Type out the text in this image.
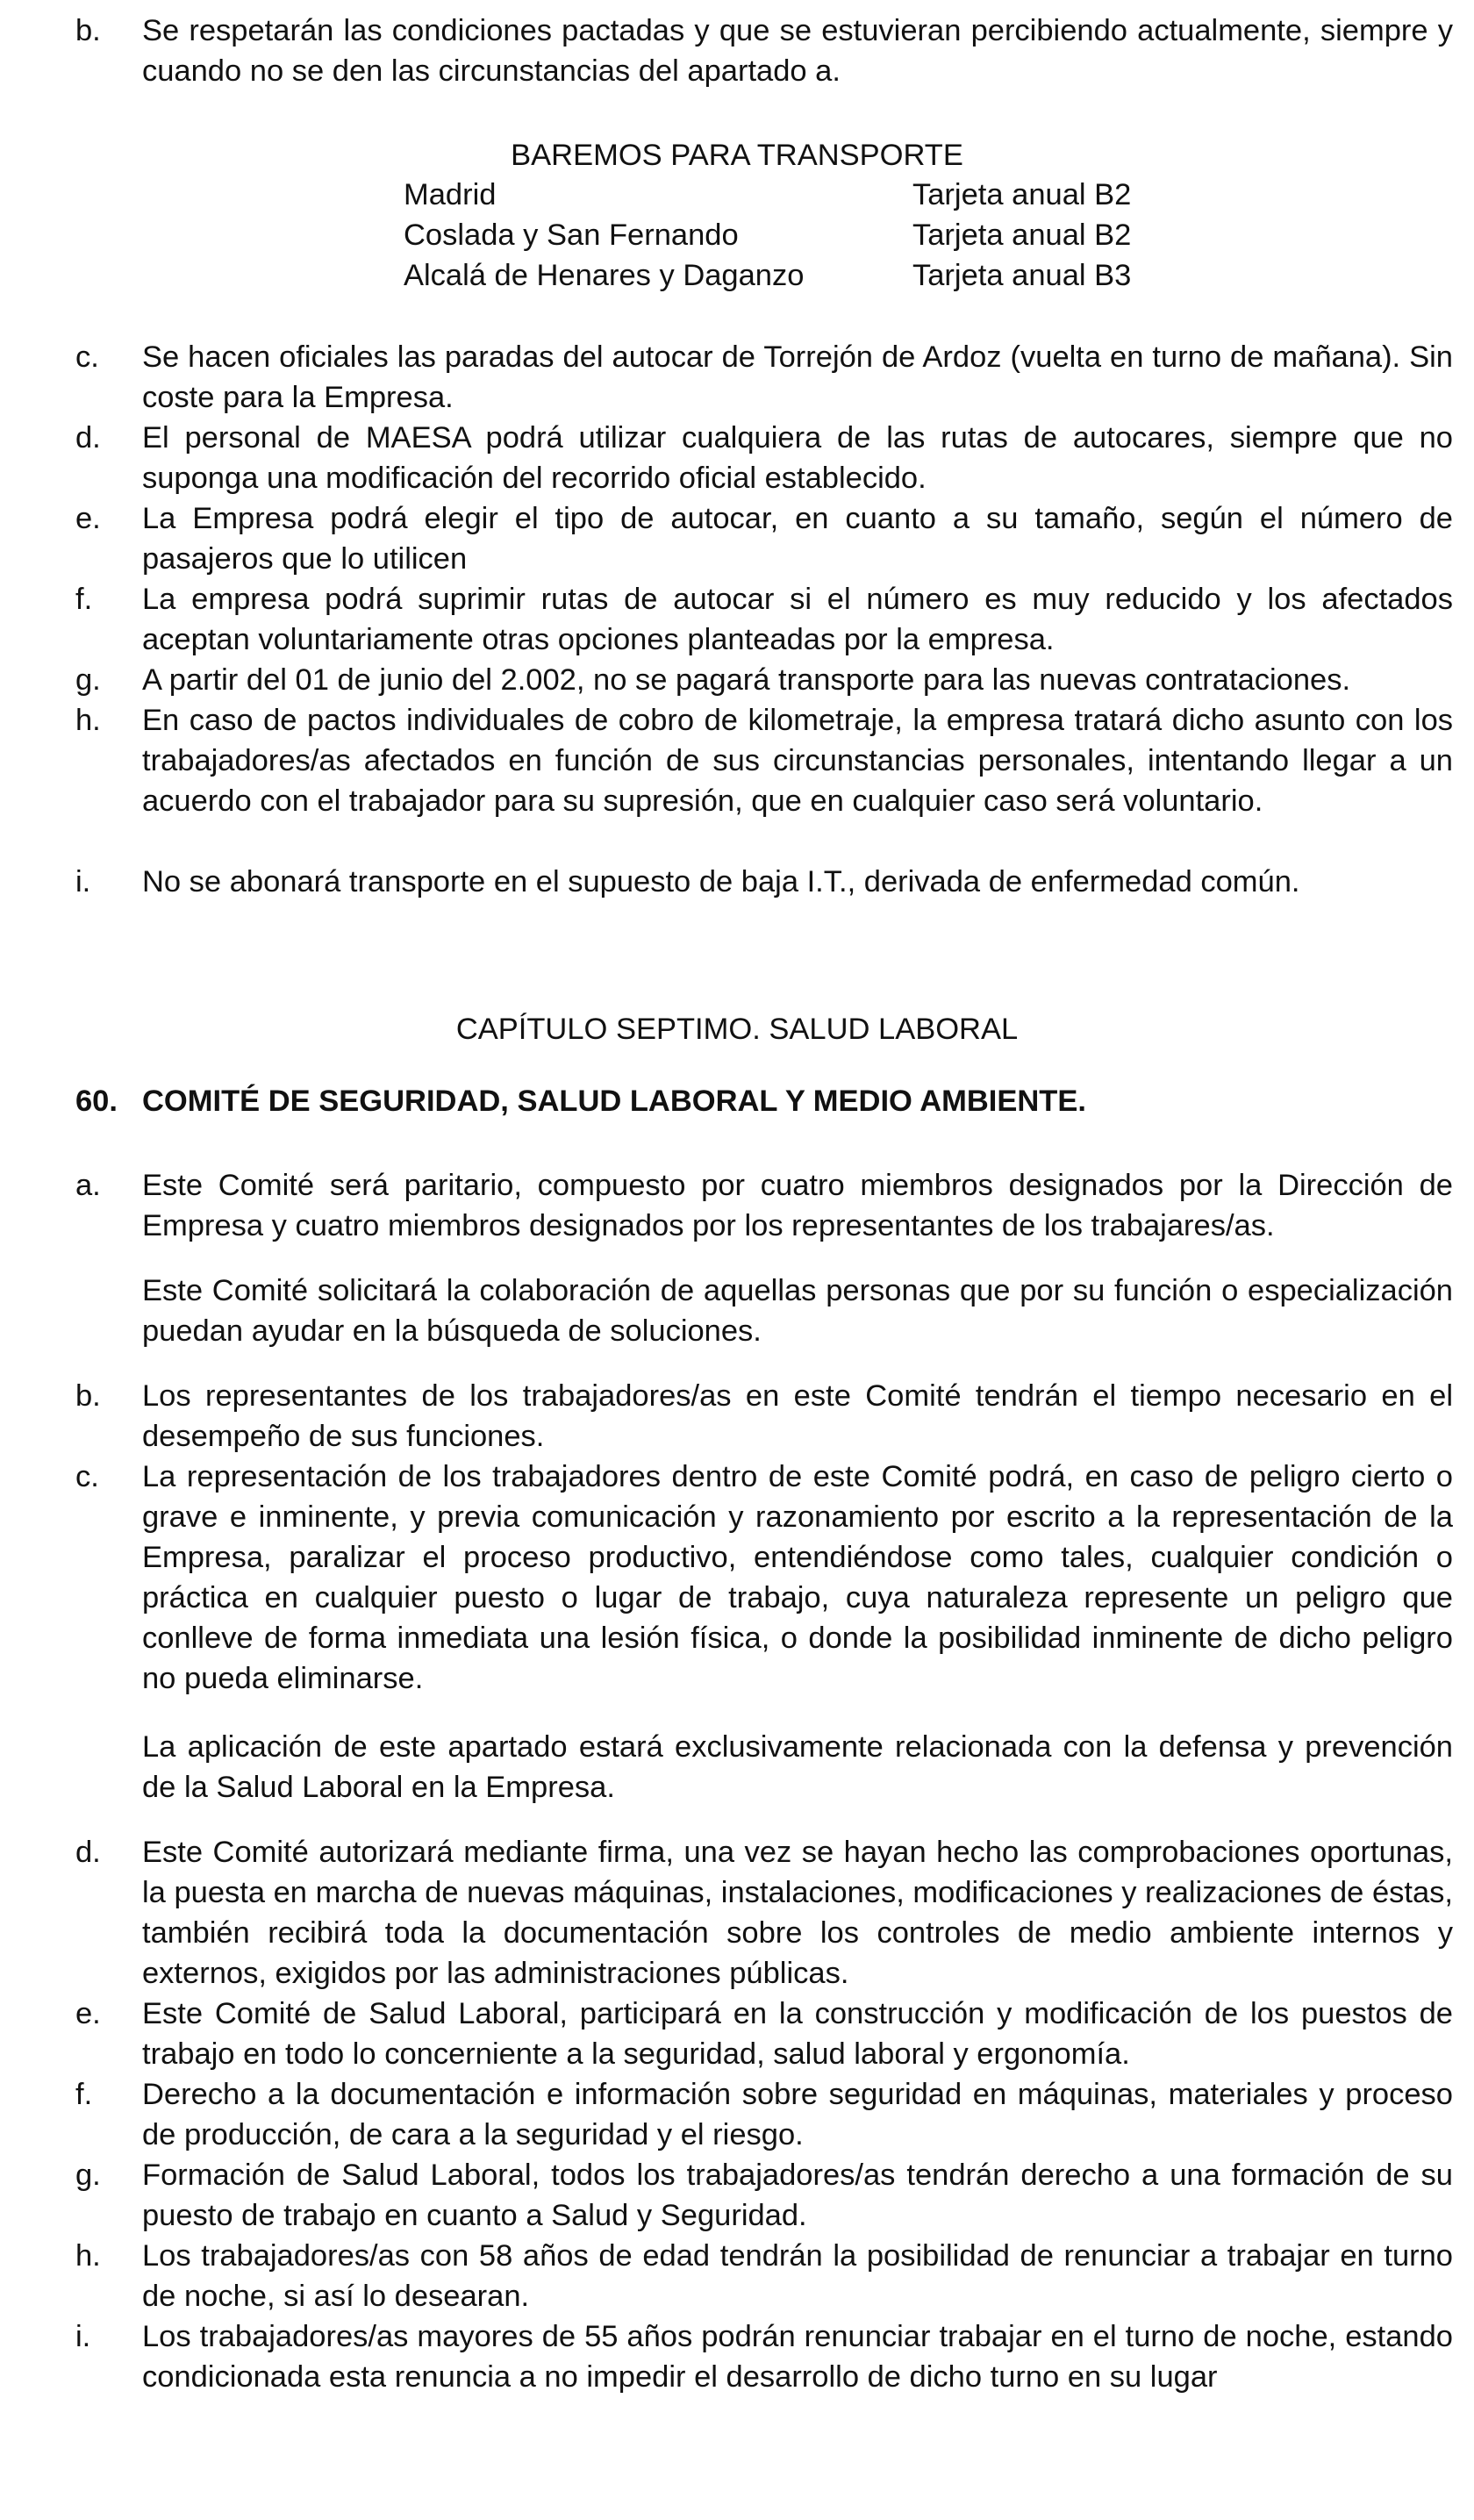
b.	Se respetarán las condiciones pactadas y que se estuvieran percibiendo actualmente, siempre y cuando no se den las circunstancias del apartado a.
BAREMOS PARA TRANSPORTE
Madrid	Tarjeta anual B2
Coslada y San Fernando	Tarjeta anual B2
Alcalá de Henares y Daganzo	Tarjeta anual B3
c.	Se hacen oficiales las paradas del autocar de Torrejón de Ardoz (vuelta en turno de mañana). Sin coste para la Empresa.
d.	El personal de MAESA podrá utilizar cualquiera de las rutas de autocares, siempre que no suponga una modificación del recorrido oficial establecido.
e.	La Empresa podrá elegir el tipo de autocar, en cuanto a su tamaño, según el número de pasajeros que lo utilicen
f.	La empresa podrá suprimir rutas de autocar si el número es muy reducido y los afectados aceptan voluntariamente otras opciones planteadas por la empresa.
g.	A partir del 01 de junio del 2.002, no se pagará transporte para las nuevas contrataciones.
h.	En caso de pactos individuales de cobro de kilometraje, la empresa tratará dicho asunto con los trabajadores/as afectados en función de sus circunstancias personales, intentando llegar a un acuerdo con el trabajador para su supresión, que en cualquier caso será voluntario.
i.	No se abonará transporte en el supuesto de baja I.T., derivada de enfermedad común.
CAPÍTULO SEPTIMO. SALUD LABORAL
60. COMITÉ DE SEGURIDAD, SALUD LABORAL Y MEDIO AMBIENTE.
a.	Este Comité será paritario, compuesto por cuatro miembros designados por la Dirección de Empresa y cuatro miembros designados por los representantes de los trabajares/as.
Este Comité solicitará la colaboración de aquellas personas que por su función o especialización puedan ayudar en la búsqueda de soluciones.
b.	Los representantes de los trabajadores/as en este Comité tendrán el tiempo necesario en el desempeño de sus funciones.
c.	La representación de los trabajadores dentro de este Comité podrá, en caso de peligro cierto o grave e inminente, y previa comunicación y razonamiento por escrito a la representación de la Empresa, paralizar el proceso productivo, entendiéndose como tales, cualquier condición o práctica en cualquier puesto o lugar de trabajo, cuya naturaleza represente un peligro que conlleve de forma inmediata una lesión física, o donde la posibilidad inminente de dicho peligro no pueda eliminarse.
La aplicación de este apartado estará exclusivamente relacionada con la defensa y prevención de la Salud Laboral en la Empresa.
d.	Este Comité autorizará mediante firma, una vez se hayan hecho las comprobaciones oportunas, la puesta en marcha de nuevas máquinas, instalaciones, modificaciones y realizaciones de éstas, también recibirá toda la documentación sobre los controles de medio ambiente internos y externos, exigidos por las administraciones públicas.
e.	Este Comité de Salud Laboral, participará en la construcción y modificación de los puestos de trabajo en todo lo concerniente a la seguridad, salud laboral y ergonomía.
f.	Derecho a la documentación e información sobre seguridad en máquinas, materiales y proceso de producción, de cara a la seguridad y el riesgo.
g.	Formación de Salud Laboral, todos los trabajadores/as tendrán derecho a una formación de su puesto de trabajo en cuanto a Salud y Seguridad.
h.	Los trabajadores/as con 58 años de edad tendrán la posibilidad de renunciar a trabajar en turno de noche, si así lo desearan.
i.	Los trabajadores/as mayores de 55 años podrán renunciar trabajar en el turno de noche, estando condicionada esta renuncia a no impedir el desarrollo de dicho turno en su lugar
